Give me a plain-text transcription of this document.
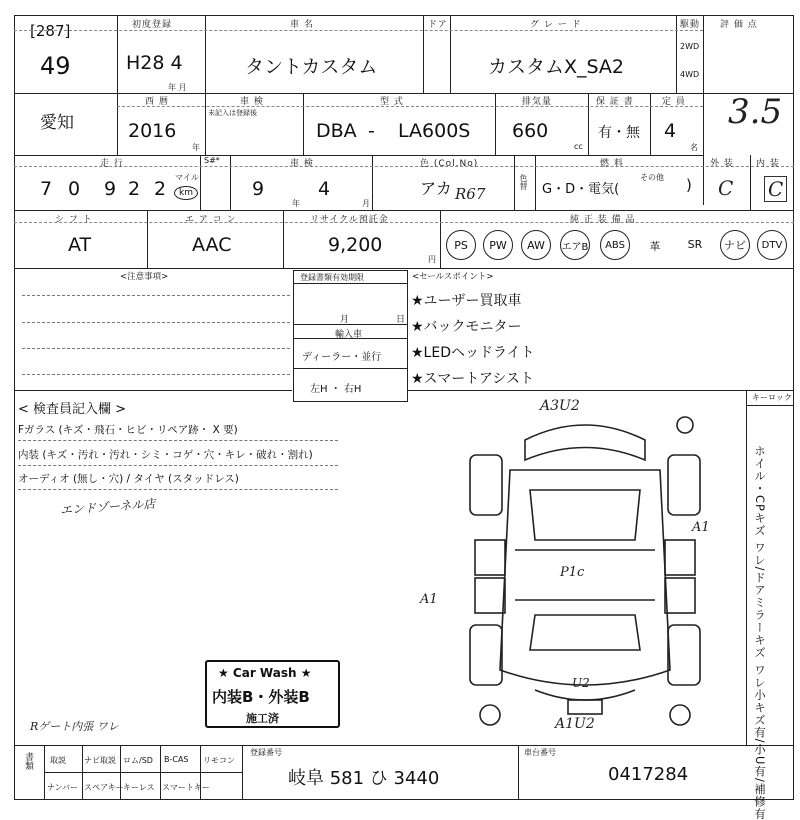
[287]
49
初度登録
H28 4
年 月
車 名
タントカスタム
ドア	グ レ ー ド
カスタムX_SA2
駆動
2WD
4WD
評 価 点
愛知
西 暦
2016
年
車 検
未記入は登録後
型 式
DBA - LA600S
排気量
660
cc
保 証 書
有・無
定 員
4
名
3.5
走 行
7 0 9 2 2
マイル
km
S#*	車 検
9
年
4
月
色 (Col.No)
アカ R67
色替
燃 料
G・D・電気(
その他 )
外 装
C
内 装
C
シ フ ト
AT
エ ア コ ン
AAC
リサイクル預託金
9,200
円
純 正 装 備 品
PS PW AW エアB ABS	革	SR	ナビ DTV
<注意事項>	登録書類有効期限
月	日
輸入車
ディーラー・並行
左H ・ 右H
<セールスポイント>
★ユーザー買取車
★バックモニター
★LEDヘッドライト
★スマートアシスト
< 検査員記入欄 >
Fガラス (キズ・飛石・ヒビ・リペア跡・ X 要)
内装 (キズ・汚れ・汚れ・シミ・コゲ・穴・キレ・破れ・割れ)
オーディオ (無し・穴) / タイヤ (スタッドレス)
エンドゾーネル店
Rゲート内張 ワレ
★ Car Wash ★
内装B・外装B
施工済
A3U2
A1
A1
P1c
U2
A1U2
キーロック
ホイル・CPキズ ワレ/ドアミラーキズ ワレ小キズ有/小U有/補修有
書類 取説 ナビ取説 ロム/SD B-CAS リモコン
ナンバー スペアキー キーレス スマートキー
登録番号
岐阜 581 ひ 3440
車台番号
0417284
